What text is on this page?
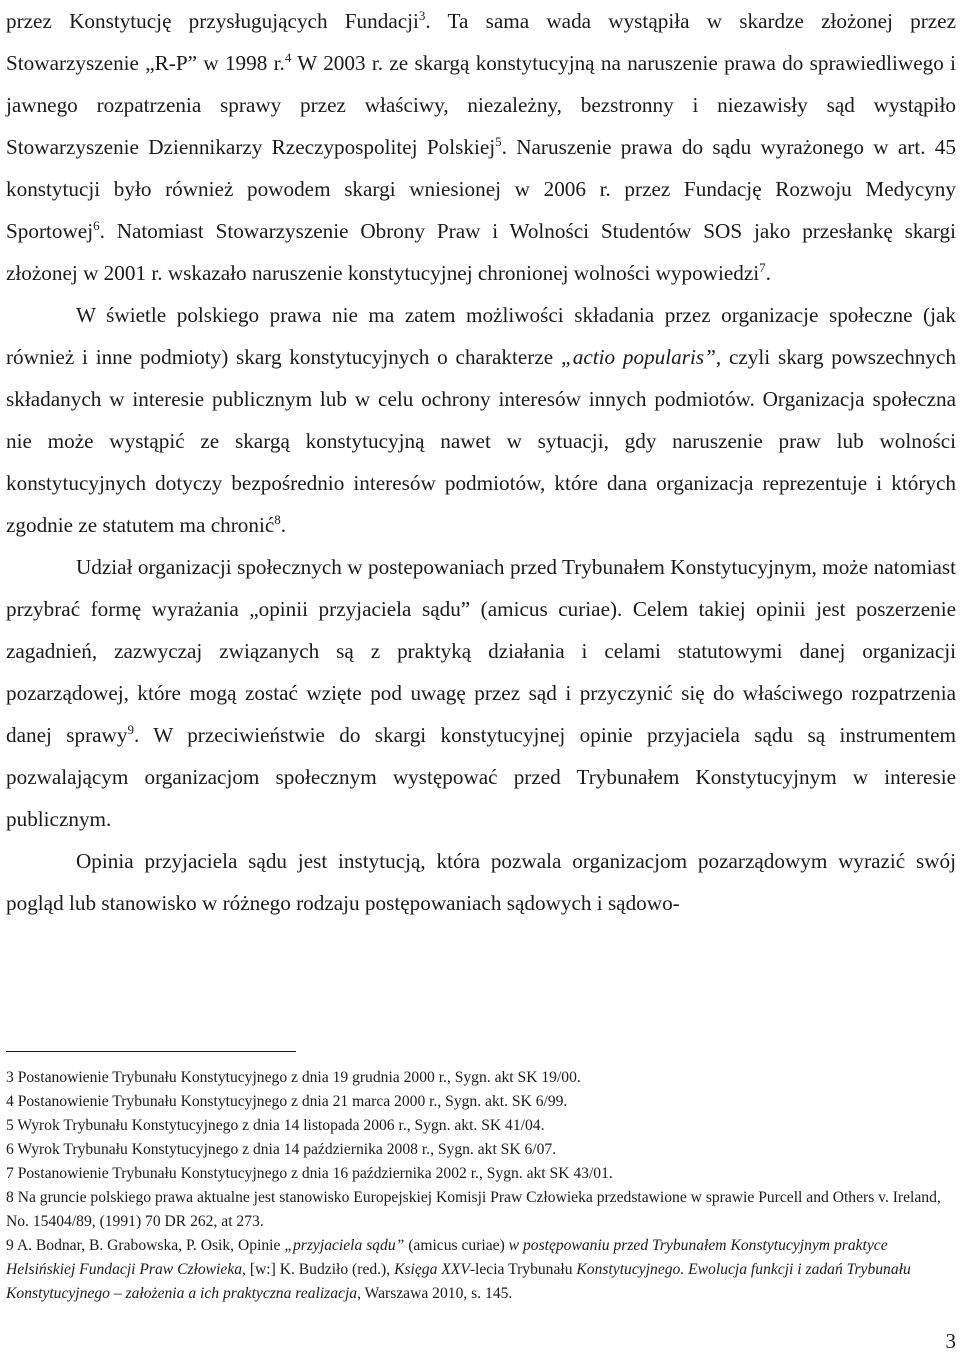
przez Konstytucję przysługujących Fundacji$^3$. Ta sama wada wystąpiła w skardze złożonej przez Stowarzyszenie „R-P” w 1998 r.$^4$ W 2003 r. ze skargą konstytucyjną na naruszenie prawa do sprawiedliwego i jawnego rozpatrzenia sprawy przez właściwy, niezależny, bezstronny i niezawisły sąd wystąpiło Stowarzyszenie Dziennikarzy Rzeczypospolitej Polskiej$^5$. Naruszenie prawa do sądu wyrażonego w art. 45 konstytucji było również powodem skargi wniesionej w 2006 r. przez Fundację Rozwoju Medycyny Sportowej$^6$. Natomiast Stowarzyszenie Obrony Praw i Wolności Studentów SOS jako przesłankę skargi złożonej w 2001 r. wskazało naruszenie konstytucyjnej chronionej wolności wypowiedzi$^7$.

W świetle polskiego prawa nie ma zatem możliwości składania przez organizacje społeczne (jak również i inne podmioty) skarg konstytucyjnych o charakterze „actio popularis”, czyli skarg powszechnych składanych w interesie publicznym lub w celu ochrony interesów innych podmiotów. Organizacja społeczna nie może wystąpić ze skargą konstytucyjną nawet w sytuacji, gdy naruszenie praw lub wolności konstytucyjnych dotyczy bezpośrednio interesów podmiotów, które dana organizacja reprezentuje i których zgodnie ze statutem ma chronić$^8$.

Udział organizacji społecznych w postepowaniach przed Trybunałem Konstytucyjnym, może natomiast przybrać formę wyrażania „opinii przyjaciela sądu” (amicus curiae). Celem takiej opinii jest poszerzenie zagadnień, zazwyczaj związanych są z praktyką działania i celami statutowymi danej organizacji pozarządowej, które mogą zostać wzięte pod uwagę przez sąd i przyczynić się do właściwego rozpatrzenia danej sprawy$^9$. W przeciwieństwie do skargi konstytucyjnej opinie przyjaciela sądu są instrumentem pozwalającym organizacjom społecznym występować przed Trybunałem Konstytucyjnym w interesie publicznym.

Opinia przyjaciela sądu jest instytucją, która pozwala organizacjom pozarządowym wyrazić swój pogląd lub stanowisko w różnego rodzaju postępowaniach sądowych i sądowo-

3 Postanowienie Trybunału Konstytucyjnego z dnia 19 grudnia 2000 r., Sygn. akt SK 19/00.

4 Postanowienie Trybunału Konstytucyjnego z dnia 21 marca 2000 r., Sygn. akt. SK 6/99.

5 Wyrok Trybunału Konstytucyjnego z dnia 14 listopada 2006 r., Sygn. akt. SK 41/04.

6 Wyrok Trybunału Konstytucyjnego z dnia 14 października 2008 r., Sygn. akt SK 6/07.

7 Postanowienie Trybunału Konstytucyjnego z dnia 16 października 2002 r., Sygn. akt SK 43/01.

8 Na gruncie polskiego prawa aktualne jest stanowisko Europejskiej Komisji Praw Człowieka przedstawione w sprawie Purcell and Others v. Ireland, No. 15404/89, (1991) 70 DR 262, at 273.

9 A. Bodnar, B. Grabowska, P. Osik, Opinie „przyjaciela sądu” (amicus curiae) w postępowaniu przed Trybunałem Konstytucyjnym praktyce Helsińskiej Fundacji Praw Człowieka, [w:] K. Budziło (red.), Księga XXV-lecia Trybunału Konstytucyjnego. Ewolucja funkcji i zadań Trybunału Konstytucyjnego – założenia a ich praktyczna realizacja, Warszawa 2010, s. 145.

3
